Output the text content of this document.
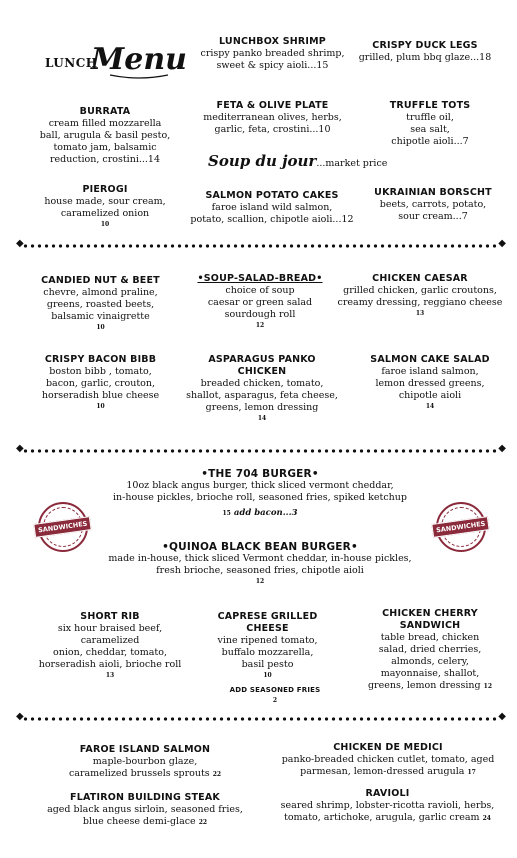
LUNCH
Menu
LUNCHBOX SHRIMP
crispy panko breaded shrimp,
sweet & spicy aioli...15
CRISPY DUCK LEGS
grilled, plum bbq glaze...18
BURRATA
cream filled mozzarella
ball, arugula & basil pesto,
tomato jam, balsamic
reduction, crostini...14
FETA & OLIVE PLATE
mediterranean olives, herbs,
garlic, feta, crostini...10
TRUFFLE TOTS
truffle oil,
sea salt,
chipotle aioli...7
Soup du jour...market price
PIEROGI
house made, sour cream,
caramelized onion
10
SALMON POTATO CAKES
faroe island wild salmon,
potato, scallion, chipotle aioli...12
UKRAINIAN BORSCHT
beets, carrots, potato,
sour cream...7
◆ ◆
CANDIED NUT & BEET
chevre, almond praline,
greens, roasted beets,
balsamic vinaigrette
10
•SOUP-SALAD-BREAD•
choice of soup
caesar or green salad
sourdough roll
12
CHICKEN CAESAR
grilled chicken, garlic croutons,
creamy dressing, reggiano cheese
13
CRISPY BACON BIBB
boston bibb , tomato,
bacon, garlic, crouton,
horseradish blue cheese
10
ASPARAGUS PANKO CHICKEN
breaded chicken, tomato,
shallot, asparagus, feta cheese,
greens, lemon dressing
14
SALMON CAKE SALAD
faroe island salmon,
lemon dressed greens,
chipotle aioli
14
◆ ◆
•THE 704 BURGER•
10oz black angus burger, thick sliced vermont cheddar,
in-house pickles, brioche roll, seasoned fries, spiked ketchup
15 add bacon...3
SANDWICHES	SANDWICHES
•QUINOA BLACK BEAN BURGER•
made in-house, thick sliced Vermont cheddar, in-house pickles,
fresh brioche, seasoned fries, chipotle aioli
12
SHORT RIB
six hour braised beef, caramelized
onion, cheddar, tomato,
horseradish aioli, brioche roll
13
CAPRESE GRILLED CHEESE
vine ripened tomato,
buffalo mozzarella,
basil pesto
10
CHICKEN CHERRY SANDWICH
table bread, chicken
salad, dried cherries,
almonds, celery,
mayonnaise, shallot,
greens, lemon dressing 12
ADD SEASONED FRIES
2
◆ ◆
FAROE ISLAND SALMON
maple-bourbon glaze,
caramelized brussels sprouts 22
CHICKEN DE MEDICI
panko-breaded chicken cutlet, tomato, aged
parmesan, lemon-dressed arugula 17
FLATIRON BUILDING STEAK
aged black angus sirloin, seasoned fries,
blue cheese demi-glace 22
RAVIOLI
seared shrimp, lobster-ricotta ravioli, herbs,
tomato, artichoke, arugula, garlic cream 24
